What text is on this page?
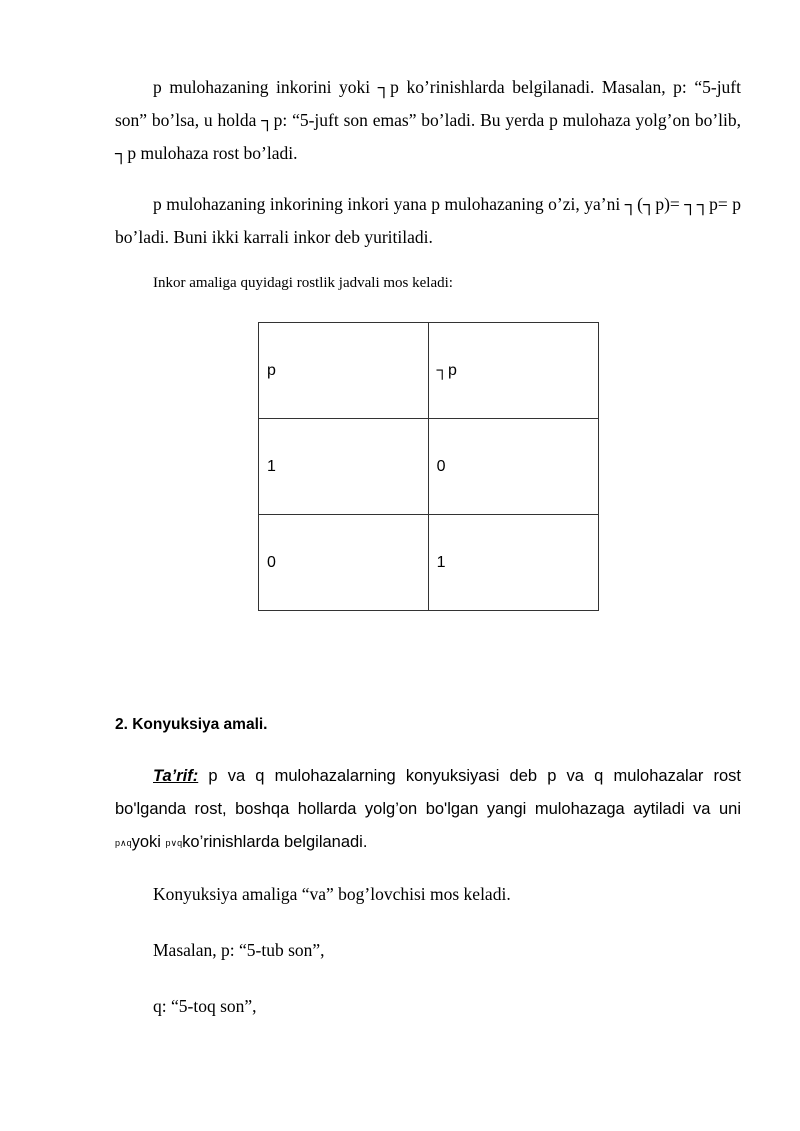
p mulohazaning inkorini yoki ┐p ko’rinishlarda belgilanadi. Masalan, p: “5-juft son” bo’lsa, u holda ┐p: “5-juft son emas” bo’ladi. Bu yerda p mulohaza yolg’on bo’lib, ┐p mulohaza rost bo’ladi.

p mulohazaning inkorining inkori yana p mulohazaning o’zi, ya’ni ┐(┐p)= ┐┐p= p bo’ladi. Buni ikki karrali inkor deb yuritiladi.

Inkor amaliga quyidagi rostlik jadvali mos keladi:

p	┐p
1	0
0	1
2. Konyuksiya amali.

Ta’rif: p va q mulohazalarning konyuksiyasi deb p va q mulohazalar rost bo'lganda rost, boshqa hollarda yolg’on bo'lgan yangi mulohazaga aytiladi va uni p∧qyoki p∨qko’rinishlarda belgilanadi.

Konyuksiya amaliga “va” bog’lovchisi mos keladi.

Masalan, p: “5-tub son”,

q: “5-toq son”,
